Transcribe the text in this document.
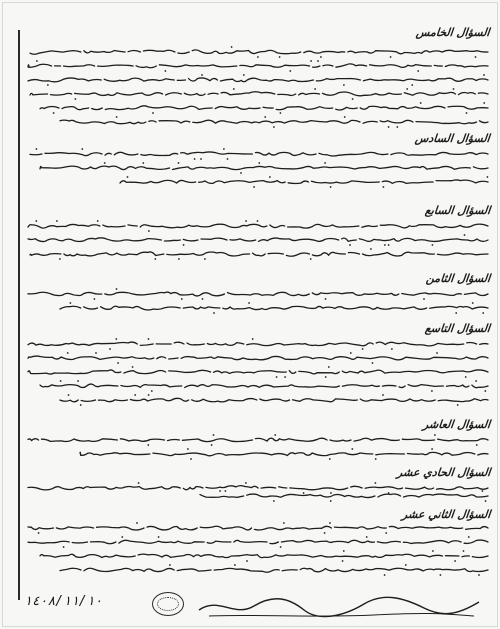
السؤال الخامس
السؤال السادس
السؤال السابع
السؤال الثامن
السؤال التاسع
السؤال العاشر
السؤال الحادي عشر
السؤال الثاني عشر
١٤٠٨/١١/١٠
